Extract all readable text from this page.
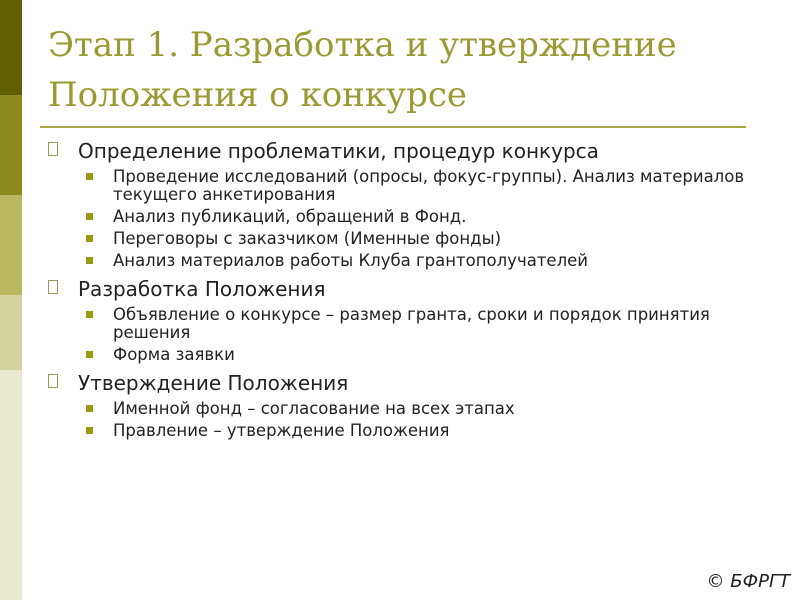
Этап 1. Разработка и утверждение
Положения о конкурсе
Определение проблематики, процедур конкурса
Проведение исследований (опросы, фокус-группы). Анализ материалов текущего анкетирования
Анализ публикаций, обращений в Фонд.
Переговоры с заказчиком (Именные фонды)
Анализ материалов работы Клуба грантополучателей
Разработка Положения
Объявление о конкурсе – размер гранта, сроки и порядок принятия решения
Форма заявки
Утверждение Положения
Именной фонд – согласование на всех этапах
Правление – утверждение Положения
© БФРГТ
